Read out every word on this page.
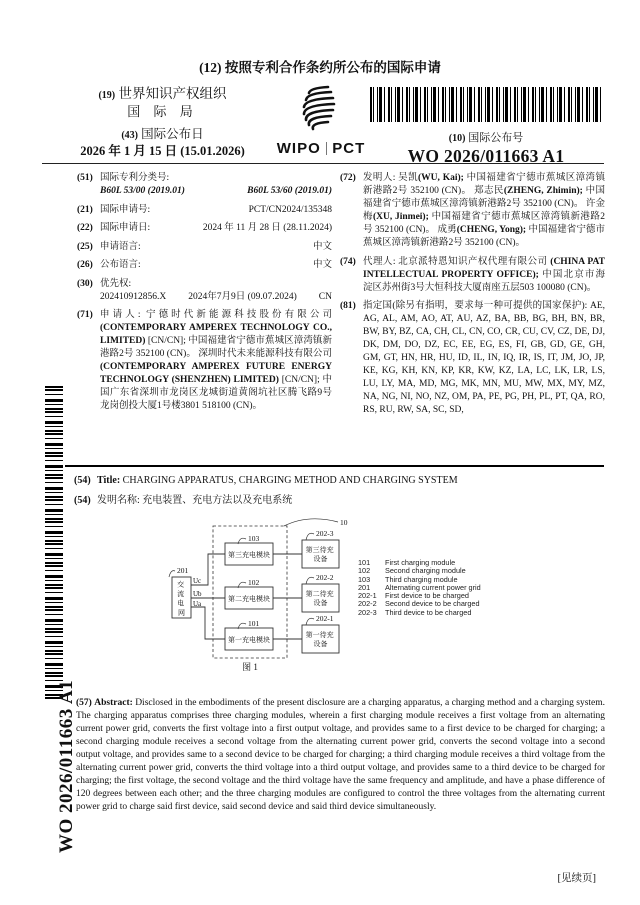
(12) 按照专利合作条约所公布的国际申请
(19) 世界知识产权组织
国 际 局
(43) 国际公布日
2026 年 1 月 15 日 (15.01.2026)	WIPO PCT
(10) 国际公布号
WO 2026/011663 A1
(51) 国际专利分类号:
B60L 53/00 (2019.01)	B60L 53/60 (2019.01)
(21) 国际申请号:	PCT/CN2024/135348
(22) 国际申请日:	2024 年 11 月 28 日 (28.11.2024)
(25) 申请语言:	中文
(26) 公布语言:	中文
(30) 优先权:
202410912856.X 2024年7月9日 (09.07.2024) CN
(71) 申请人: 宁德时代新能源科技股份有限公司 (CONTEMPORARY AMPEREX TECHNOLOGY CO., LIMITED) [CN/CN]; 中国福建省宁德市蕉城区漳湾镇新港路2号 352100 (CN)。 深圳时代未来能源科技有限公司 (CONTEMPORARY AMPEREX FUTURE ENERGY TECHNOLOGY (SHENZHEN) LIMITED) [CN/CN]; 中国广东省深圳市龙岗区龙城街道黄阁坑社区腾飞路9号龙岗创投大厦1号楼3801 518100 (CN)。
(72) 发明人: 吴凯(WU, Kai); 中国福建省宁德市蕉城区漳湾镇新港路2号 352100 (CN)。 郑志民(ZHENG, Zhimin); 中国福建省宁德市蕉城区漳湾镇新港路2号 352100 (CN)。 许金梅(XU, Jinmei); 中国福建省宁德市蕉城区漳湾镇新港路2号 352100 (CN)。 成勇(CHENG, Yong); 中国福建省宁德市蕉城区漳湾镇新港路2号 352100 (CN)。
(74) 代理人: 北京派特恩知识产权代理有限公司 (CHINA PAT INTELLECTUAL PROPERTY OFFICE); 中国北京市海淀区苏州街3号大恒科技大厦南座五层503 100080 (CN)。
(81) 指定国(除另有指明，要求每一种可提供的国家保护): AE, AG, AL, AM, AO, AT, AU, AZ, BA, BB, BG, BH, BN, BR, BW, BY, BZ, CA, CH, CL, CN, CO, CR, CU, CV, CZ, DE, DJ, DK, DM, DO, DZ, EC, EE, EG, ES, FI, GB, GD, GE, GH, GM, GT, HN, HR, HU, ID, IL, IN, IQ, IR, IS, IT, JM, JO, JP, KE, KG, KH, KN, KP, KR, KW, KZ, LA, LC, LK, LR, LS, LU, LY, MA, MD, MG, MK, MN, MU, MW, MX, MY, MZ, NA, NG, NI, NO, NZ, OM, PA, PE, PG, PH, PL, PT, QA, RO, RS, RU, RW, SA, SC, SD,
(54) Title: CHARGING APPARATUS, CHARGING METHOD AND CHARGING SYSTEM
(54) 发明名称: 充电装置、充电方法以及充电系统
10
201
交 流 电 网
Uc
Ub
Ua
103
102
101
第三充电模块
第二充电模块
第一充电模块
202-3
202-2
202-1
第三待充 设备
第二待充 设备
第一待充 设备
图 1
101 First charging module
102 Second charging module
103 Third charging module
201 Alternating current power grid
202-1 First device to be charged
202-2 Second device to be charged
202-3 Third device to be charged
(57) Abstract: Disclosed in the embodiments of the present disclosure are a charging apparatus, a charging method and a charging system. The charging apparatus comprises three charging modules, wherein a first charging module receives a first voltage from an alternating current power grid, converts the first voltage into a first output voltage, and provides same to a first device to be charged for charging; a second charging module receives a second voltage from the alternating current power grid, converts the second voltage into a second output voltage, and provides same to a second device to be charged for charging; a third charging module receives a third voltage from the alternating current power grid, converts the third voltage into a third output voltage, and provides same to a third device to be charged for charging; the first voltage, the second voltage and the third voltage have the same frequency and amplitude, and have a phase difference of 120 degrees between each other; and the three charging modules are configured to control the three voltages from the alternating current power grid to charge said first device, said second device and said third device simultaneously.
[见续页]
WO 2026/011663 A1
